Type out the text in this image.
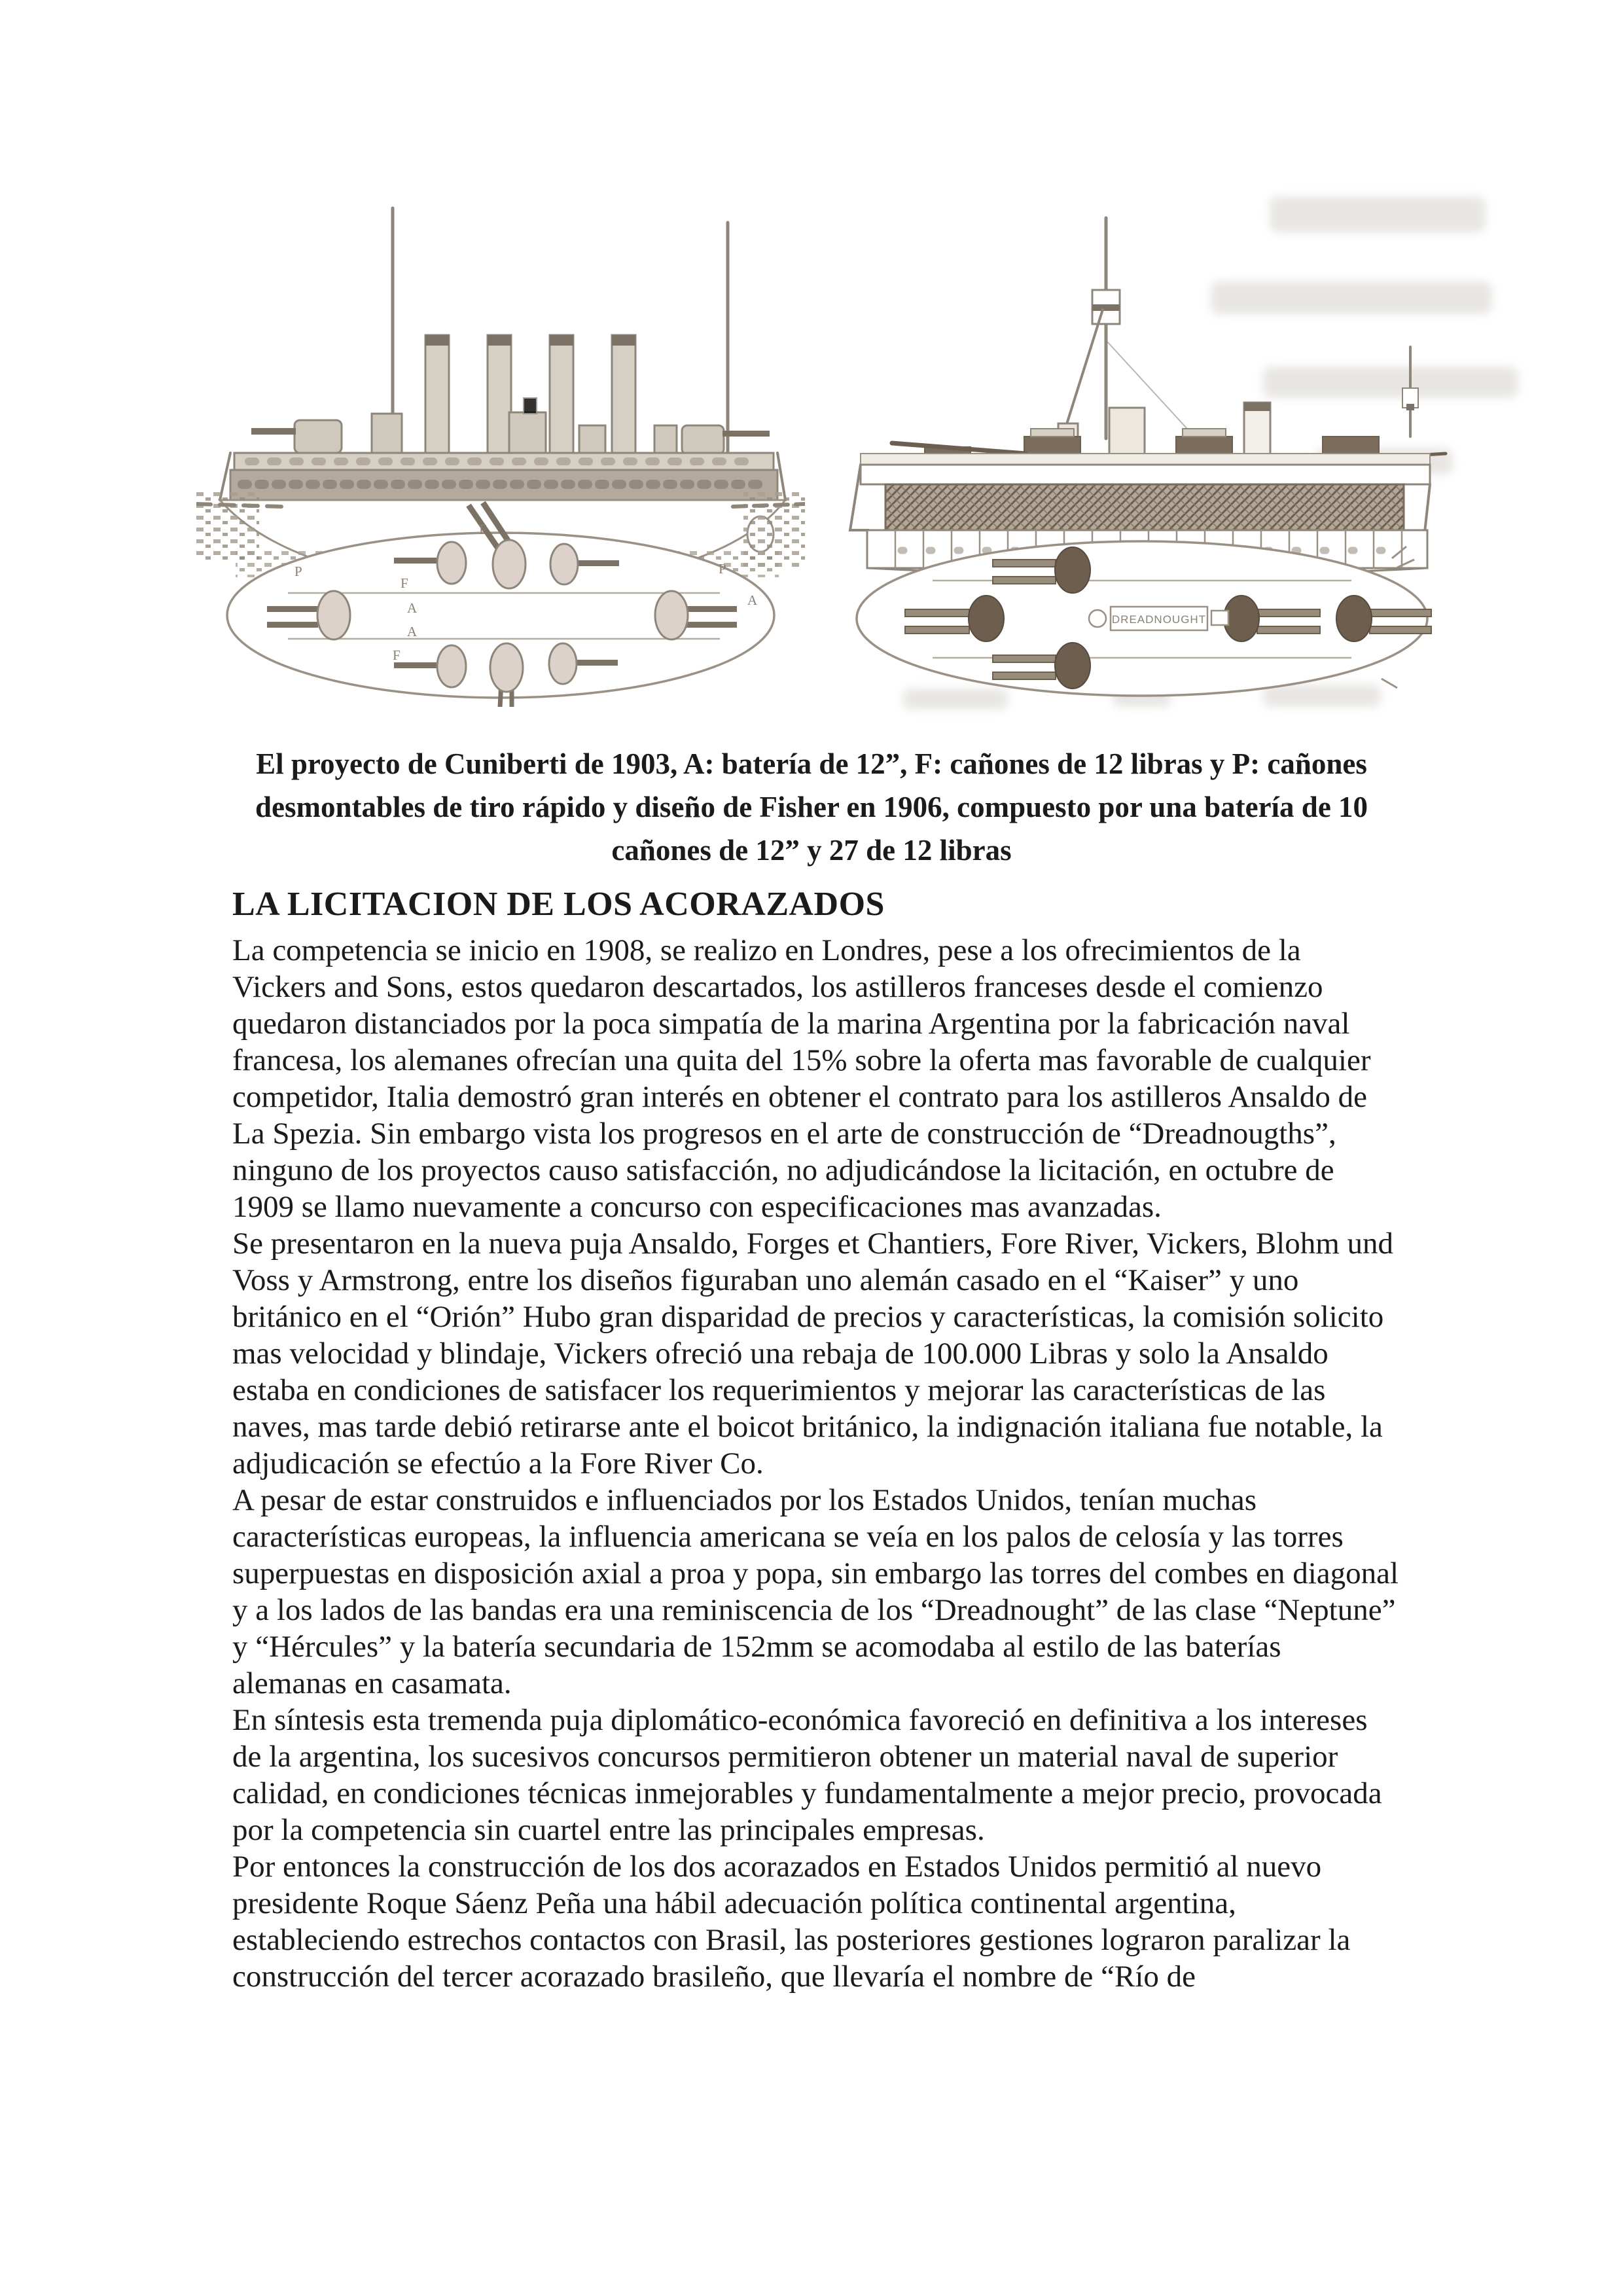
P
F
A
A
F
F
P
A
DREADNOUGHT
El proyecto de Cuniberti de 1903, A: batería de 12”, F: cañones de 12 libras y P: cañones desmontables de tiro rápido y diseño de Fisher en 1906, compuesto por una batería de 10 cañones de 12” y 27 de 12 libras
LA LICITACION DE LOS ACORAZADOS

La competencia se inicio en 1908, se realizo en Londres, pese a los ofrecimientos de la Vickers and Sons, estos quedaron descartados, los astilleros franceses desde el comienzo quedaron distanciados por la poca simpatía de la marina Argentina por la fabricación naval francesa, los alemanes ofrecían una quita del 15% sobre la oferta mas favorable de cualquier competidor, Italia demostró gran interés en obtener el contrato para los astilleros Ansaldo de La Spezia. Sin embargo vista los progresos en el arte de construcción de “Dreadnougths”, ninguno de los proyectos causo satisfacción, no adjudicándose la licitación, en octubre de 1909 se llamo nuevamente a concurso con especificaciones mas avanzadas.

Se presentaron en la nueva puja Ansaldo, Forges et Chantiers, Fore River, Vickers, Blohm und Voss y Armstrong, entre los diseños figuraban uno alemán casado en el “Kaiser” y uno británico en el “Orión” Hubo gran disparidad de precios y características, la comisión solicito mas velocidad y blindaje, Vickers ofreció una rebaja de 100.000 Libras y solo la Ansaldo estaba en condiciones de satisfacer los requerimientos y mejorar las características de las naves, mas tarde debió retirarse ante el boicot británico, la indignación italiana fue notable, la adjudicación se efectúo a la Fore River Co.

A pesar de estar construidos e influenciados por los Estados Unidos, tenían muchas características europeas, la influencia americana se veía en los palos de celosía y las torres superpuestas en disposición axial a proa y popa, sin embargo las torres del combes en diagonal y a los lados de las bandas era una reminiscencia de los “Dreadnought” de las clase “Neptune” y “Hércules” y la batería secundaria de 152mm se acomodaba al estilo de las baterías alemanas en casamata.

En síntesis esta tremenda puja diplomático-económica favoreció en definitiva a los intereses de la argentina, los sucesivos concursos permitieron obtener un material naval de superior calidad, en condiciones técnicas inmejorables y fundamentalmente a mejor precio, provocada por la competencia sin cuartel entre las principales empresas.

Por entonces la construcción de los dos acorazados en Estados Unidos permitió al nuevo presidente Roque Sáenz Peña una hábil adecuación política continental argentina, estableciendo estrechos contactos con Brasil, las posteriores gestiones lograron paralizar la construcción del tercer acorazado brasileño, que llevaría el nombre de “Río de
